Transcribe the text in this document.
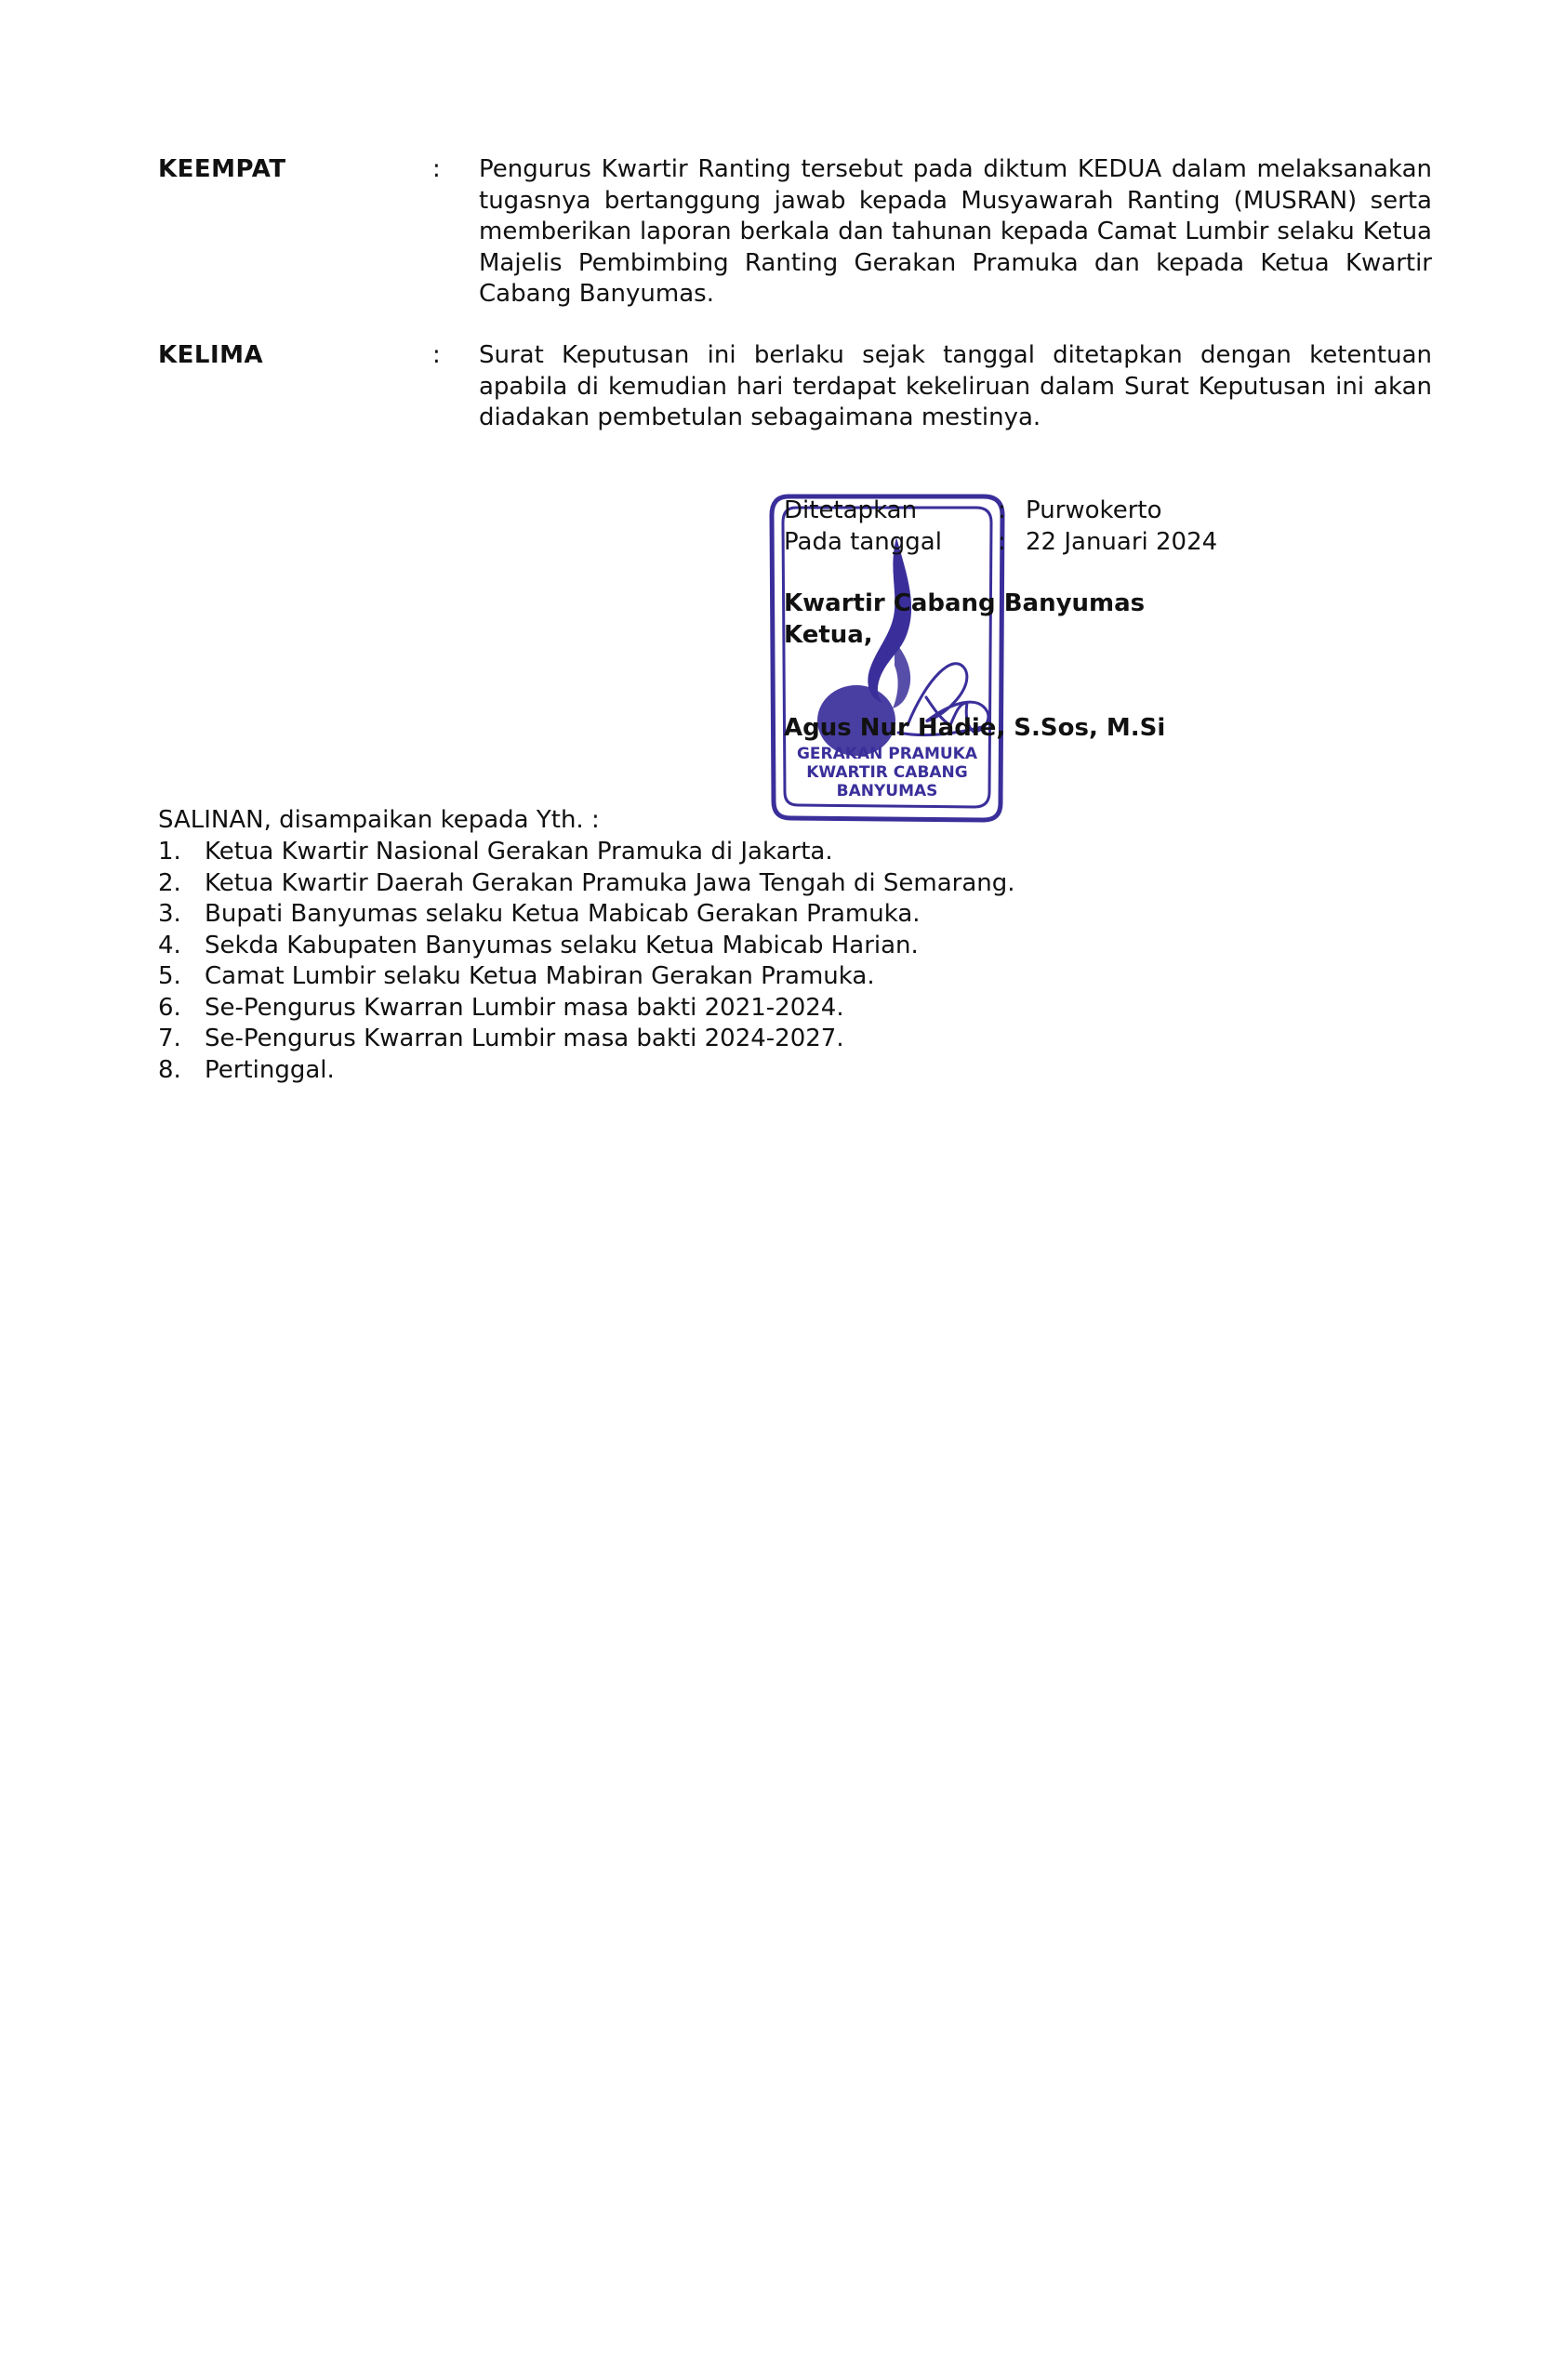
KEEMPAT	: Pengurus Kwartir Ranting tersebut pada diktum KEDUA dalam melaksanakan tugasnya bertanggung jawab kepada Musyawarah Ranting (MUSRAN) serta memberikan laporan berkala dan tahunan kepada Camat Lumbir selaku Ketua Majelis Pembimbing Ranting Gerakan Pramuka dan kepada Ketua Kwartir Cabang Banyumas.
KELIMA	: Surat Keputusan ini berlaku sejak tanggal ditetapkan dengan ketentuan apabila di kemudian hari terdapat kekeliruan dalam Surat Keputusan ini akan diadakan pembetulan sebagaimana mestinya.
GERAKAN PRAMUKA
KWARTIR CABANG
BANYUMAS
Ditetapkan	: Purwokerto
Pada tanggal : 22 Januari 2024
Kwartir Cabang Banyumas
Ketua,
Agus Nur Hadie, S.Sos, M.Si
SALINAN, disampaikan kepada Yth. :
1. Ketua Kwartir Nasional Gerakan Pramuka di Jakarta.
2. Ketua Kwartir Daerah Gerakan Pramuka Jawa Tengah di Semarang.
3. Bupati Banyumas selaku Ketua Mabicab Gerakan Pramuka.
4. Sekda Kabupaten Banyumas selaku Ketua Mabicab Harian.
5. Camat Lumbir selaku Ketua Mabiran Gerakan Pramuka.
6. Se-Pengurus Kwarran Lumbir masa bakti 2021-2024.
7. Se-Pengurus Kwarran Lumbir masa bakti 2024-2027.
8. Pertinggal.
